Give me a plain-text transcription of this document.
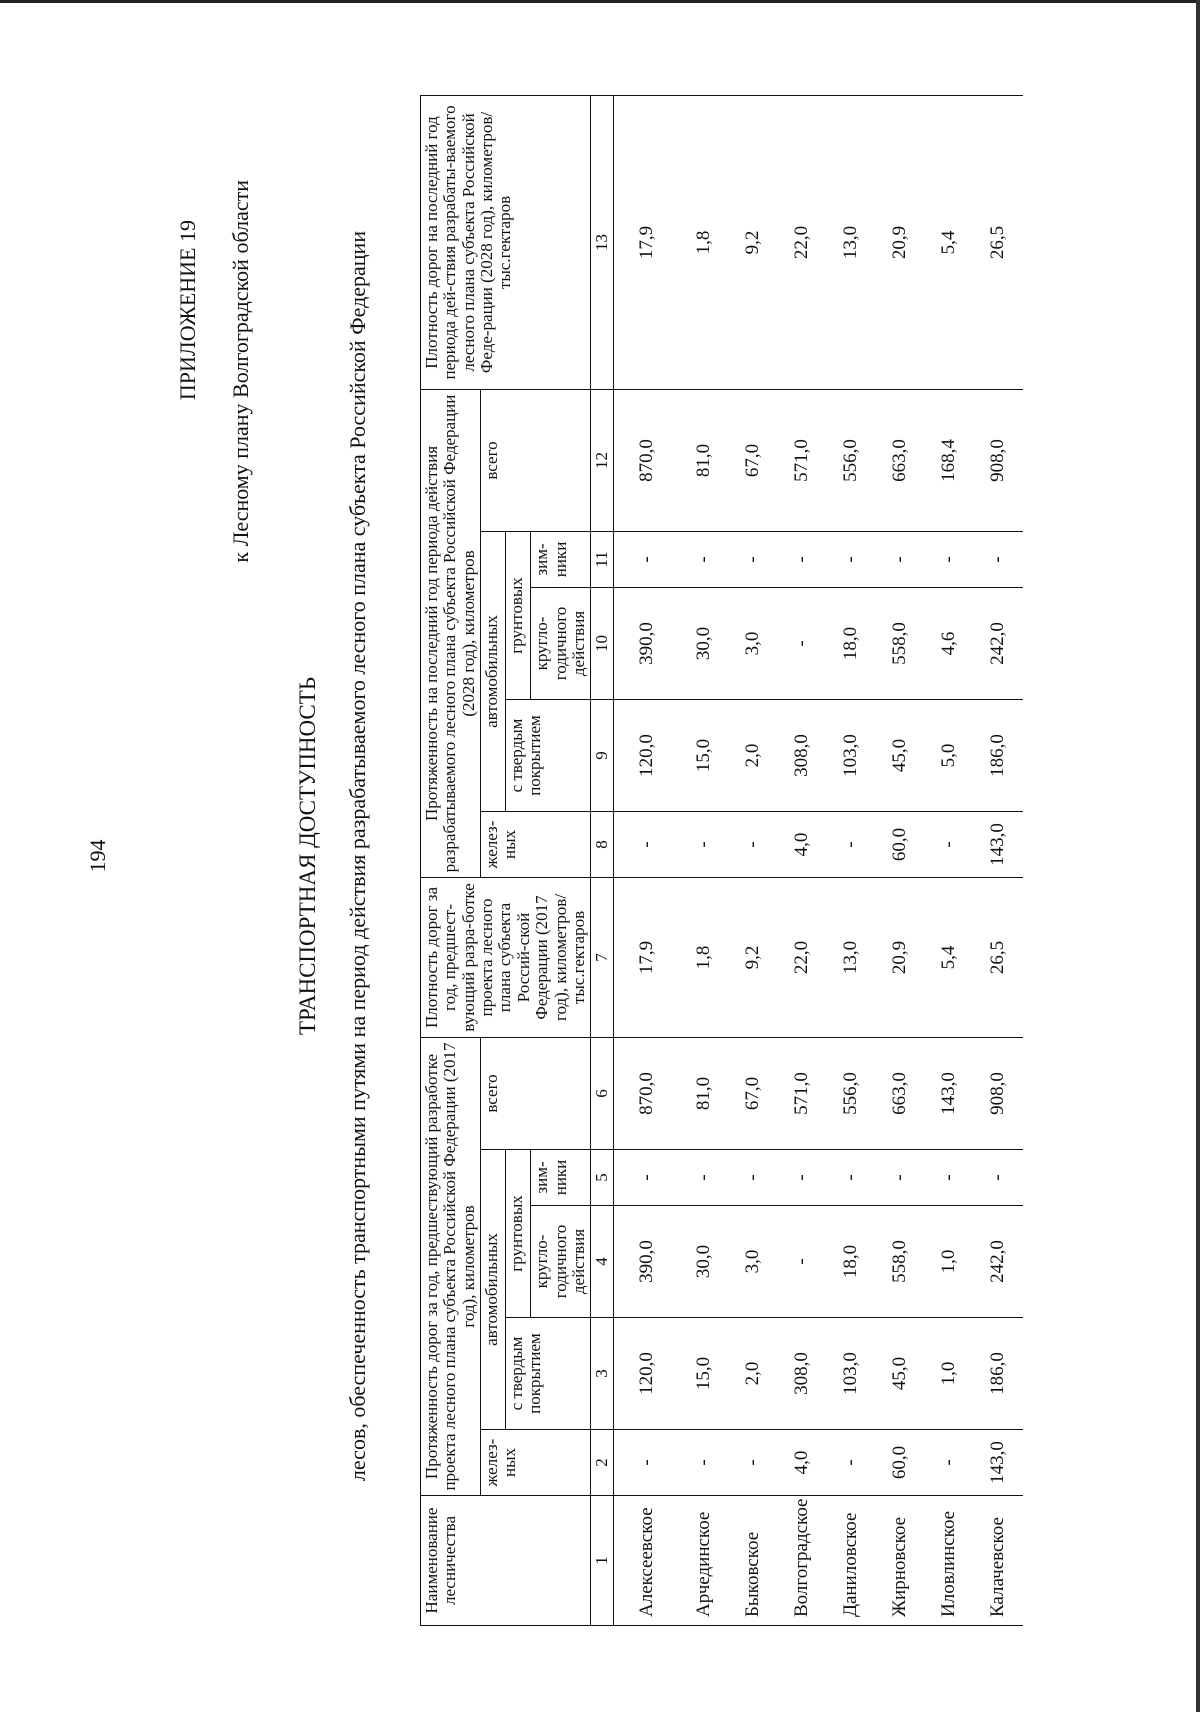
194
ПРИЛОЖЕНИЕ 19 к Лесному плану Волгоградской области
ТРАНСПОРТНАЯ ДОСТУПНОСТЬ лесов, обеспеченность транспортными путями на период действия разрабатываемого лесного плана субъекта Российской Федерации
Наименование лесничества	Протяженность дорог за год, предшествующий разработке проекта лесного плана субъекта Российской Федерации (2017 год), километров					Плотность дорог за год, предшест-вующий разра-ботке проекта лесного плана субъекта Россий-ской Федерации (2017 год), километров/ тыс.гектаров	Протяженность на последний год периода действия разрабатываемого лесного плана субъекта Российской Федерации (2028 год), километров					Плотность дорог на последний год периода дей-ствия разрабаты-ваемого лесного плана субъекта Российской Феде-рации (2028 год), километров/ тыс.гектаров
	желез-ных	автомобильных			всего		желез-ных	автомобильных			всего	
		с твердым покрытием	грунтовых					с твердым покрытием	грунтовых			
			кругло-годичного действия	зим-ники					кругло-годичного действия	зим-ники		
1	2	3	4	5	6	7	8	9	10	11	12	13
Алексеевское	-	120,0	390,0	-	870,0	17,9	-	120,0	390,0	-	870,0	17,9
Арчединское	-	15,0	30,0	-	81,0	1,8	-	15,0	30,0	-	81,0	1,8
Быковское	-	2,0	3,0	-	67,0	9,2	-	2,0	3,0	-	67,0	9,2
Волгоградское	4,0	308,0	-	-	571,0	22,0	4,0	308,0	-	-	571,0	22,0
Даниловское	-	103,0	18,0	-	556,0	13,0	-	103,0	18,0	-	556,0	13,0
Жирновское	60,0	45,0	558,0	-	663,0	20,9	60,0	45,0	558,0	-	663,0	20,9
Иловлинское	-	1,0	1,0	-	143,0	5,4	-	5,0	4,6	-	168,4	5,4
Калачевское	143,0	186,0	242,0	-	908,0	26,5	143,0	186,0	242,0	-	908,0	26,5
